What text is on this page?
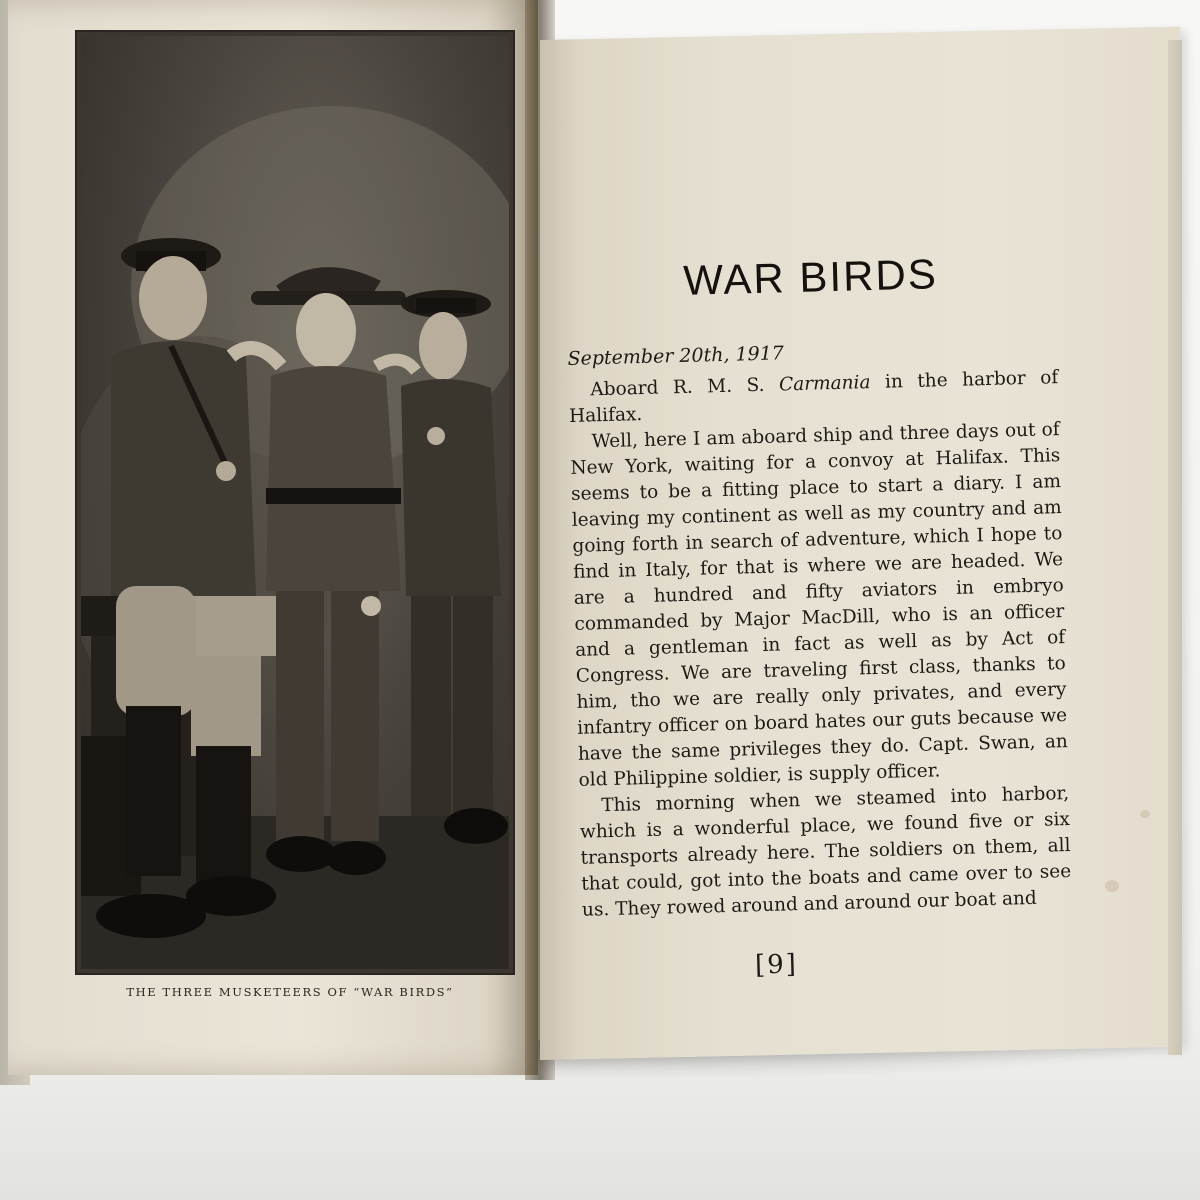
THE THREE MUSKETEERS OF “WAR BIRDS”
WAR BIRDS
September 20th, 1917

Aboard R. M. S. Carmania in the harbor of Halifax.

Well, here I am aboard ship and three days out of New York, waiting for a convoy at Halifax. This seems to be a fitting place to start a diary. I am leaving my continent as well as my country and am going forth in search of adventure, which I hope to find in Italy, for that is where we are headed. We are a hundred and fifty aviators in embryo commanded by Major MacDill, who is an officer and a gentleman in fact as well as by Act of Congress. We are traveling first class, thanks to him, tho we are really only privates, and every infantry officer on board hates our guts because we have the same privileges they do. Capt. Swan, an old Philippine soldier, is supply officer.

This morning when we steamed into harbor, which is a wonderful place, we found five or six transports already here. The soldiers on them, all that could, got into the boats and came over to see us. They rowed around and around our boat and

[9]
